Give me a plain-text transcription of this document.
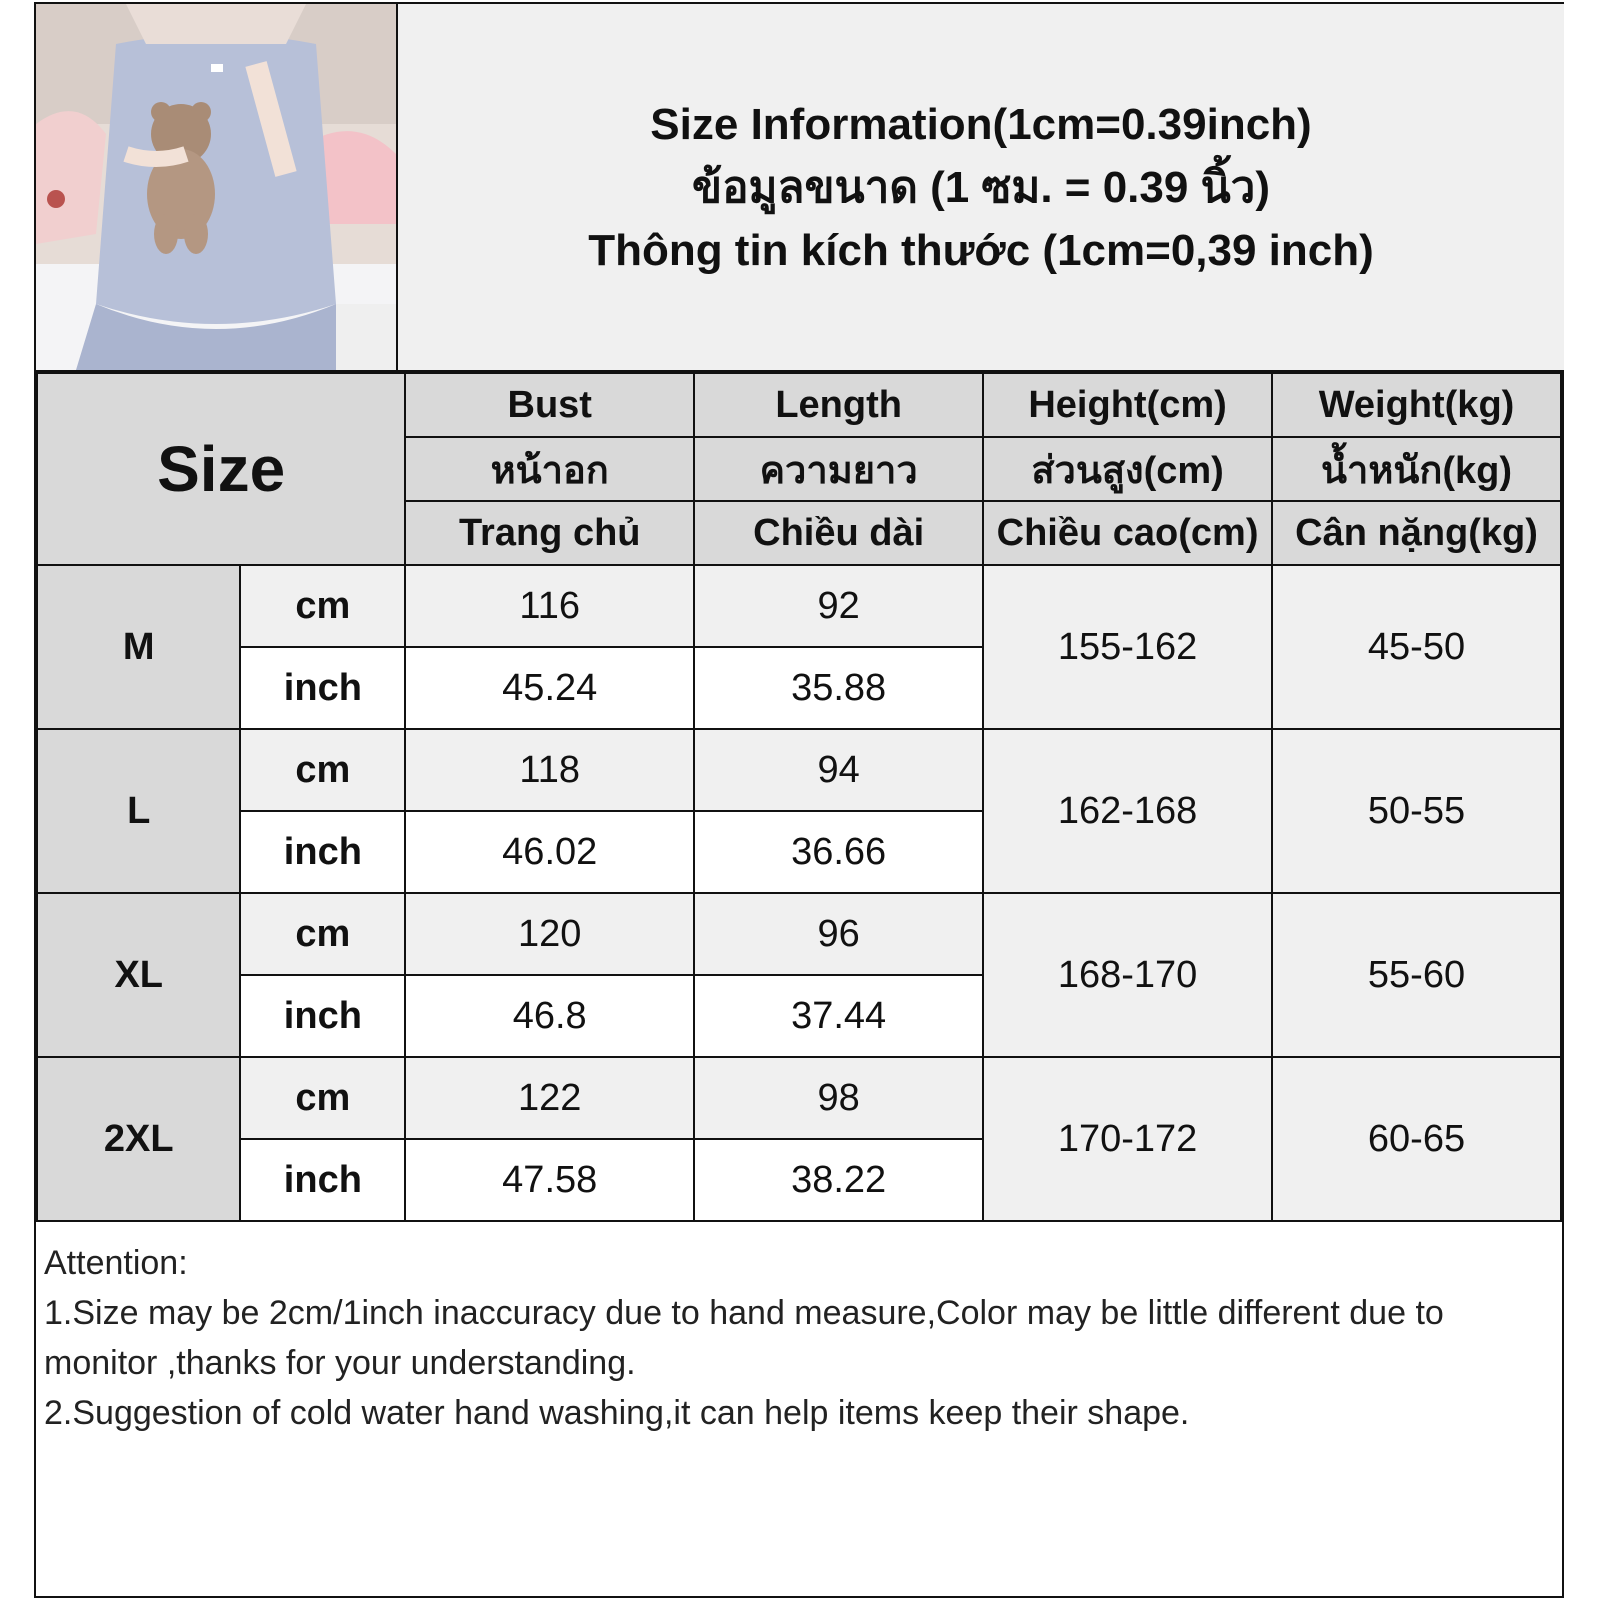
Size Information(1cm=0.39inch)
ข้อมูลขนาด (1 ซม. = 0.39 นิ้ว)
Thông tin kích thước (1cm=0,39 inch)
Size		Bust	Length	Height(cm)	Weight(kg)
		หน้าอก	ความยาว	ส่วนสูง(cm)	น้ำหนัก(kg)
		Trang chủ	Chiều dài	Chiều cao(cm)	Cân nặng(kg)
M	cm	116	92	155-162	45-50
	inch	45.24	35.88		
L	cm	118	94	162-168	50-55
	inch	46.02	36.66		
XL	cm	120	96	168-170	55-60
	inch	46.8	37.44		
2XL	cm	122	98	170-172	60-65
	inch	47.58	38.22		
Attention:
1.Size may be 2cm/1inch inaccuracy due to hand measure,Color may be little different due to monitor ,thanks for your understanding.
2.Suggestion of cold water hand washing,it can help items keep their shape.
